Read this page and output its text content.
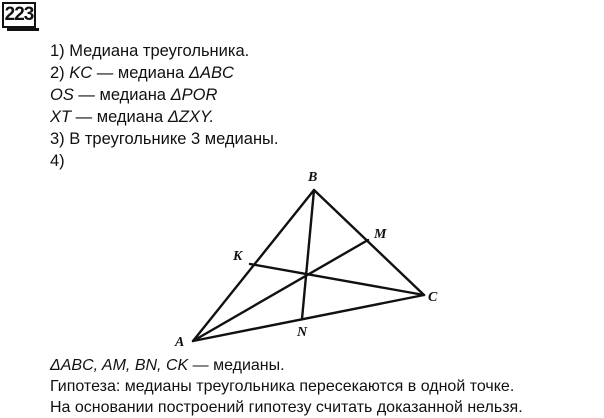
223
1) Медиана треугольника.
2) KC — медиана ΔABC
OS — медиана ΔPOR
XT — медиана ΔZXY.
3) В треугольнике 3 медианы.
4)
A
B
C
K
M
N
ΔABC, AM, BN, CK — медианы.
Гипотеза: медианы треугольника пересекаются в одной точке.
На основании построений гипотезу считать доказанной нельзя.
